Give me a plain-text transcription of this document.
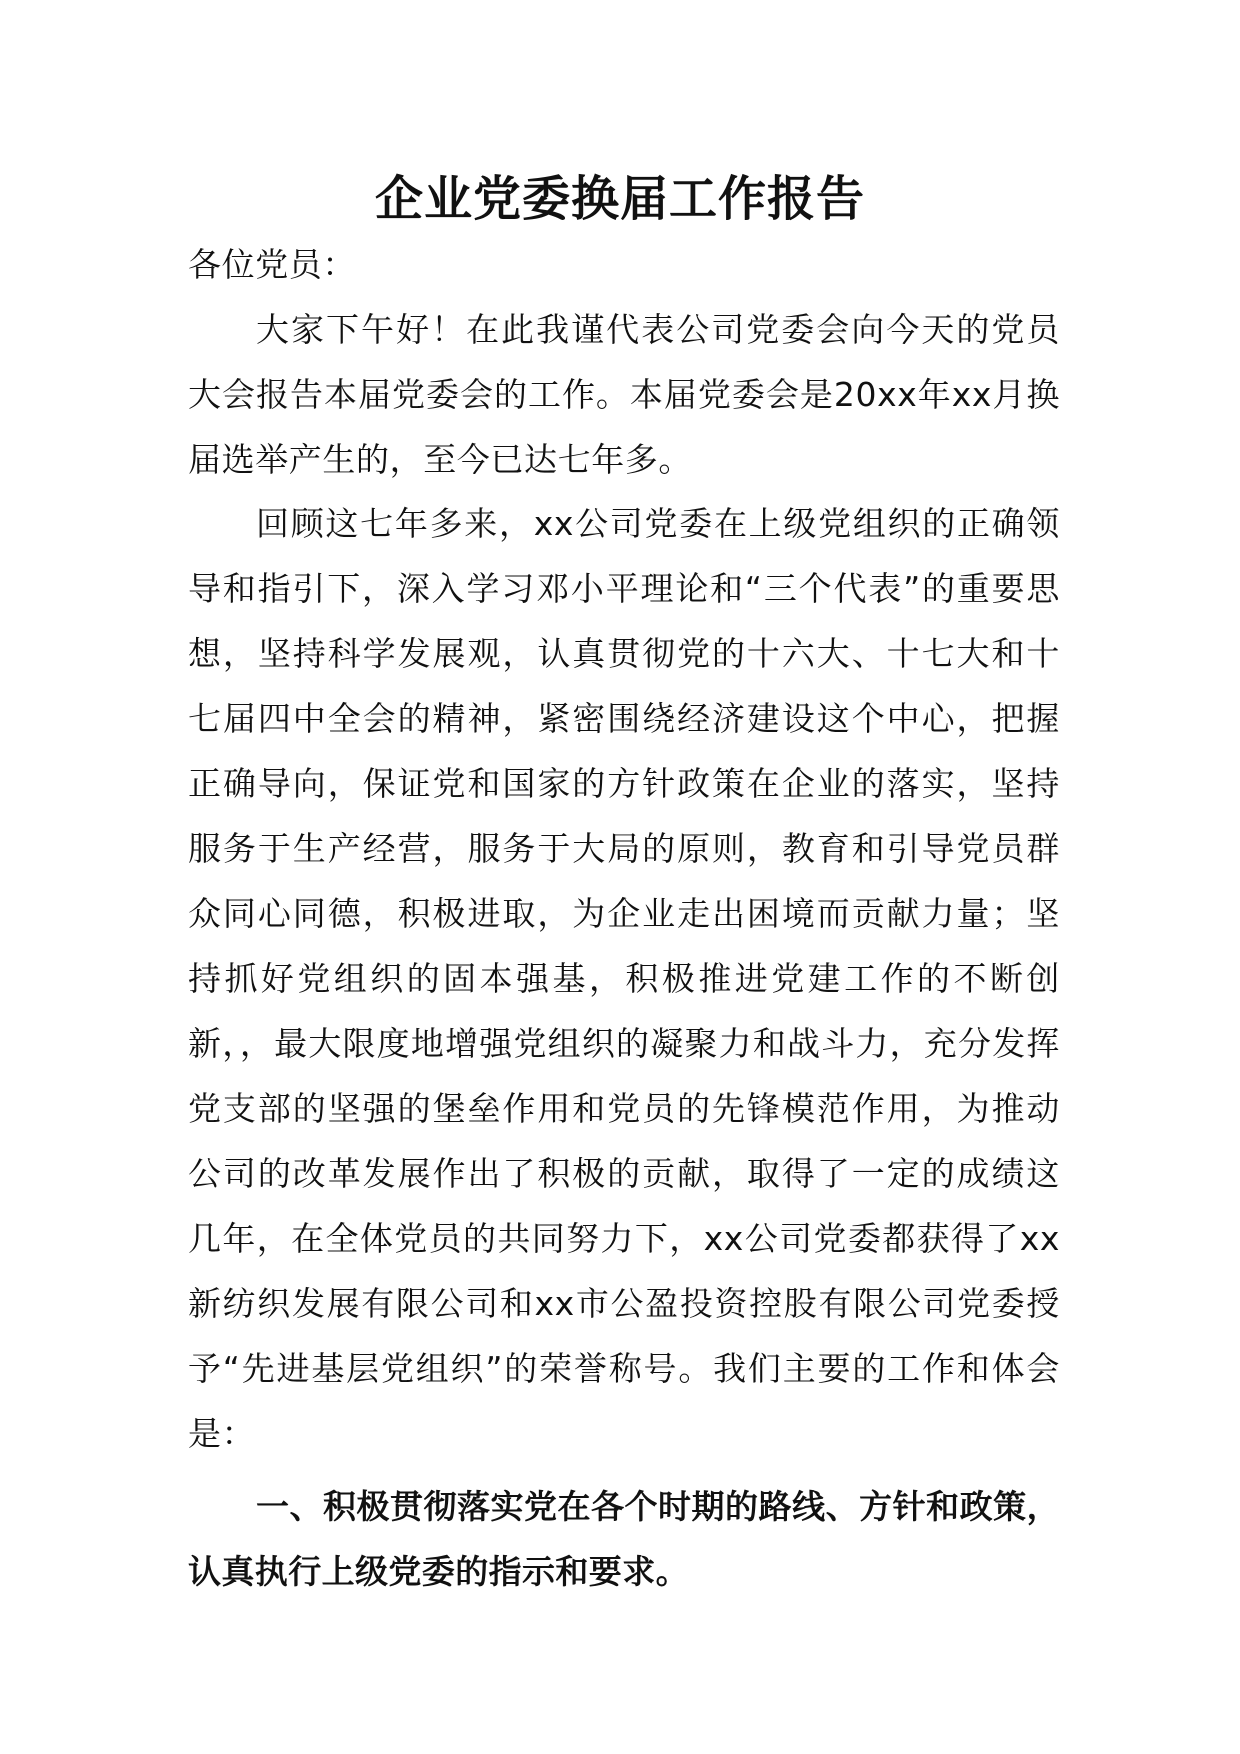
企业党委换届工作报告

各位党员：

大家下午好！在此我谨代表公司党委会向今天的党员大会报告本届党委会的工作。本届党委会是20xx年xx月换届选举产生的，至今已达七年多。

回顾这七年多来，xx公司党委在上级党组织的正确领导和指引下，深入学习邓小平理论和“三个代表”的重要思想，坚持科学发展观，认真贯彻党的十六大、十七大和十七届四中全会的精神，紧密围绕经济建设这个中心，把握正确导向，保证党和国家的方针政策在企业的落实，坚持服务于生产经营，服务于大局的原则，教育和引导党员群众同心同德，积极进取，为企业走出困境而贡献力量；坚持抓好党组织的固本强基，积极推进党建工作的不断创新，，最大限度地增强党组织的凝聚力和战斗力，充分发挥党支部的坚强的堡垒作用和党员的先锋模范作用，为推动公司的改革发展作出了积极的贡献，取得了一定的成绩这几年，在全体党员的共同努力下，xx公司党委都获得了xx新纺织发展有限公司和xx市公盈投资控股有限公司党委授予“先进基层党组织”的荣誉称号。我们主要的工作和体会是：

一、积极贯彻落实党在各个时期的路线、方针和政策，认真执行上级党委的指示和要求。
